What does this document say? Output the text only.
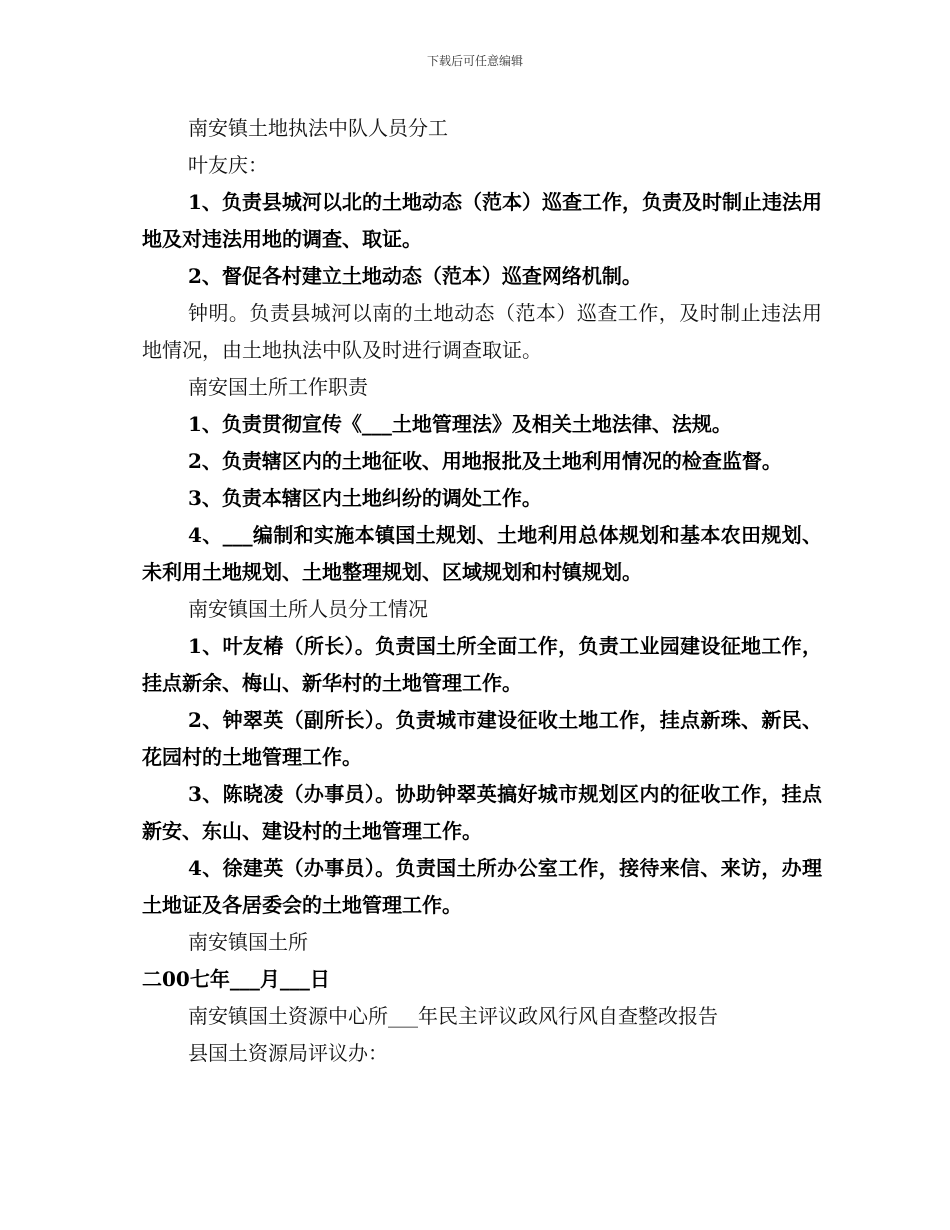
下载后可任意编辑

南安镇土地执法中队人员分工

叶友庆：

1、负责县城河以北的土地动态（范本）巡查工作，负责及时制止违法用地及对违法用地的调查、取证。

2、督促各村建立土地动态（范本）巡查网络机制。

钟明。负责县城河以南的土地动态（范本）巡查工作，及时制止违法用地情况，由土地执法中队及时进行调查取证。

南安国土所工作职责

1、负责贯彻宣传《___土地管理法》及相关土地法律、法规。

2、负责辖区内的土地征收、用地报批及土地利用情况的检查监督。

3、负责本辖区内土地纠纷的调处工作。

4、___编制和实施本镇国土规划、土地利用总体规划和基本农田规划、未利用土地规划、土地整理规划、区域规划和村镇规划。

南安镇国土所人员分工情况

1、叶友椿（所长）。负责国土所全面工作，负责工业园建设征地工作，挂点新余、梅山、新华村的土地管理工作。

2、钟翠英（副所长）。负责城市建设征收土地工作，挂点新珠、新民、花园村的土地管理工作。

3、陈晓凌（办事员）。协助钟翠英搞好城市规划区内的征收工作，挂点新安、东山、建设村的土地管理工作。

4、徐建英（办事员）。负责国土所办公室工作，接待来信、来访，办理土地证及各居委会的土地管理工作。

南安镇国土所

二00七年___月___日

南安镇国土资源中心所___年民主评议政风行风自查整改报告

县国土资源局评议办：
